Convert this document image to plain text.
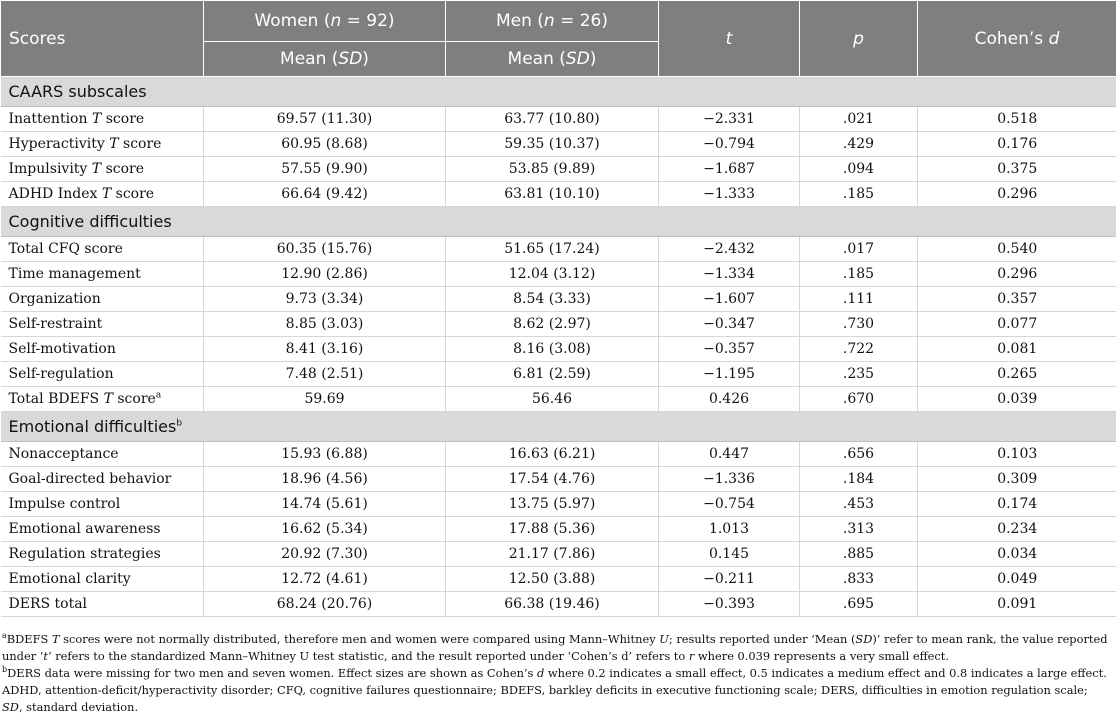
Scores	Women (n = 92)	Men (n = 26)	t	p	Cohen’s d
	Mean (SD)	Mean (SD)			
CAARS subscales					
Inattention T score	69.57 (11.30)	63.77 (10.80)	−2.331	.021	0.518
Hyperactivity T score	60.95 (8.68)	59.35 (10.37)	−0.794	.429	0.176
Impulsivity T score	57.55 (9.90)	53.85 (9.89)	−1.687	.094	0.375
ADHD Index T score	66.64 (9.42)	63.81 (10.10)	−1.333	.185	0.296
Cognitive difficulties					
Total CFQ score	60.35 (15.76)	51.65 (17.24)	−2.432	.017	0.540
Time management	12.90 (2.86)	12.04 (3.12)	−1.334	.185	0.296
Organization	9.73 (3.34)	8.54 (3.33)	−1.607	.111	0.357
Self-restraint	8.85 (3.03)	8.62 (2.97)	−0.347	.730	0.077
Self-motivation	8.41 (3.16)	8.16 (3.08)	−0.357	.722	0.081
Self-regulation	7.48 (2.51)	6.81 (2.59)	−1.195	.235	0.265
Total BDEFS T score$^a$	59.69	56.46	0.426	.670	0.039
Emotional difficulties$^b$
Nonacceptance	15.93 (6.88)	16.63 (6.21)	0.447	.656	0.103
Goal-directed behavior	18.96 (4.56)	17.54 (4.76)	−1.336	.184	0.309
Impulse control	14.74 (5.61)	13.75 (5.97)	−0.754	.453	0.174
Emotional awareness	16.62 (5.34)	17.88 (5.36)	1.013	.313	0.234
Regulation strategies	20.92 (7.30)	21.17 (7.86)	0.145	.885	0.034
Emotional clarity	12.72 (4.61)	12.50 (3.88)	−0.211	.833	0.049
DERS total	68.24 (20.76)	66.38 (19.46)	−0.393	.695	0.091

$^a$BDEFS T scores were not normally distributed, therefore men and women were compared using Mann–Whitney U; results reported under ‘Mean (SD)’ refer to mean rank, the value reported under ‘t’ refers to the standardized Mann–Whitney U test statistic, and the result reported under ‘Cohen’s d’ refers to r where 0.039 represents a very small effect.

$^b$DERS data were missing for two men and seven women. Effect sizes are shown as Cohen’s d where 0.2 indicates a small effect, 0.5 indicates a medium effect and 0.8 indicates a large effect.

ADHD, attention-deficit/hyperactivity disorder; CFQ, cognitive failures questionnaire; BDEFS, barkley deficits in executive functioning scale; DERS, difficulties in emotion regulation scale;

SD, standard deviation.
